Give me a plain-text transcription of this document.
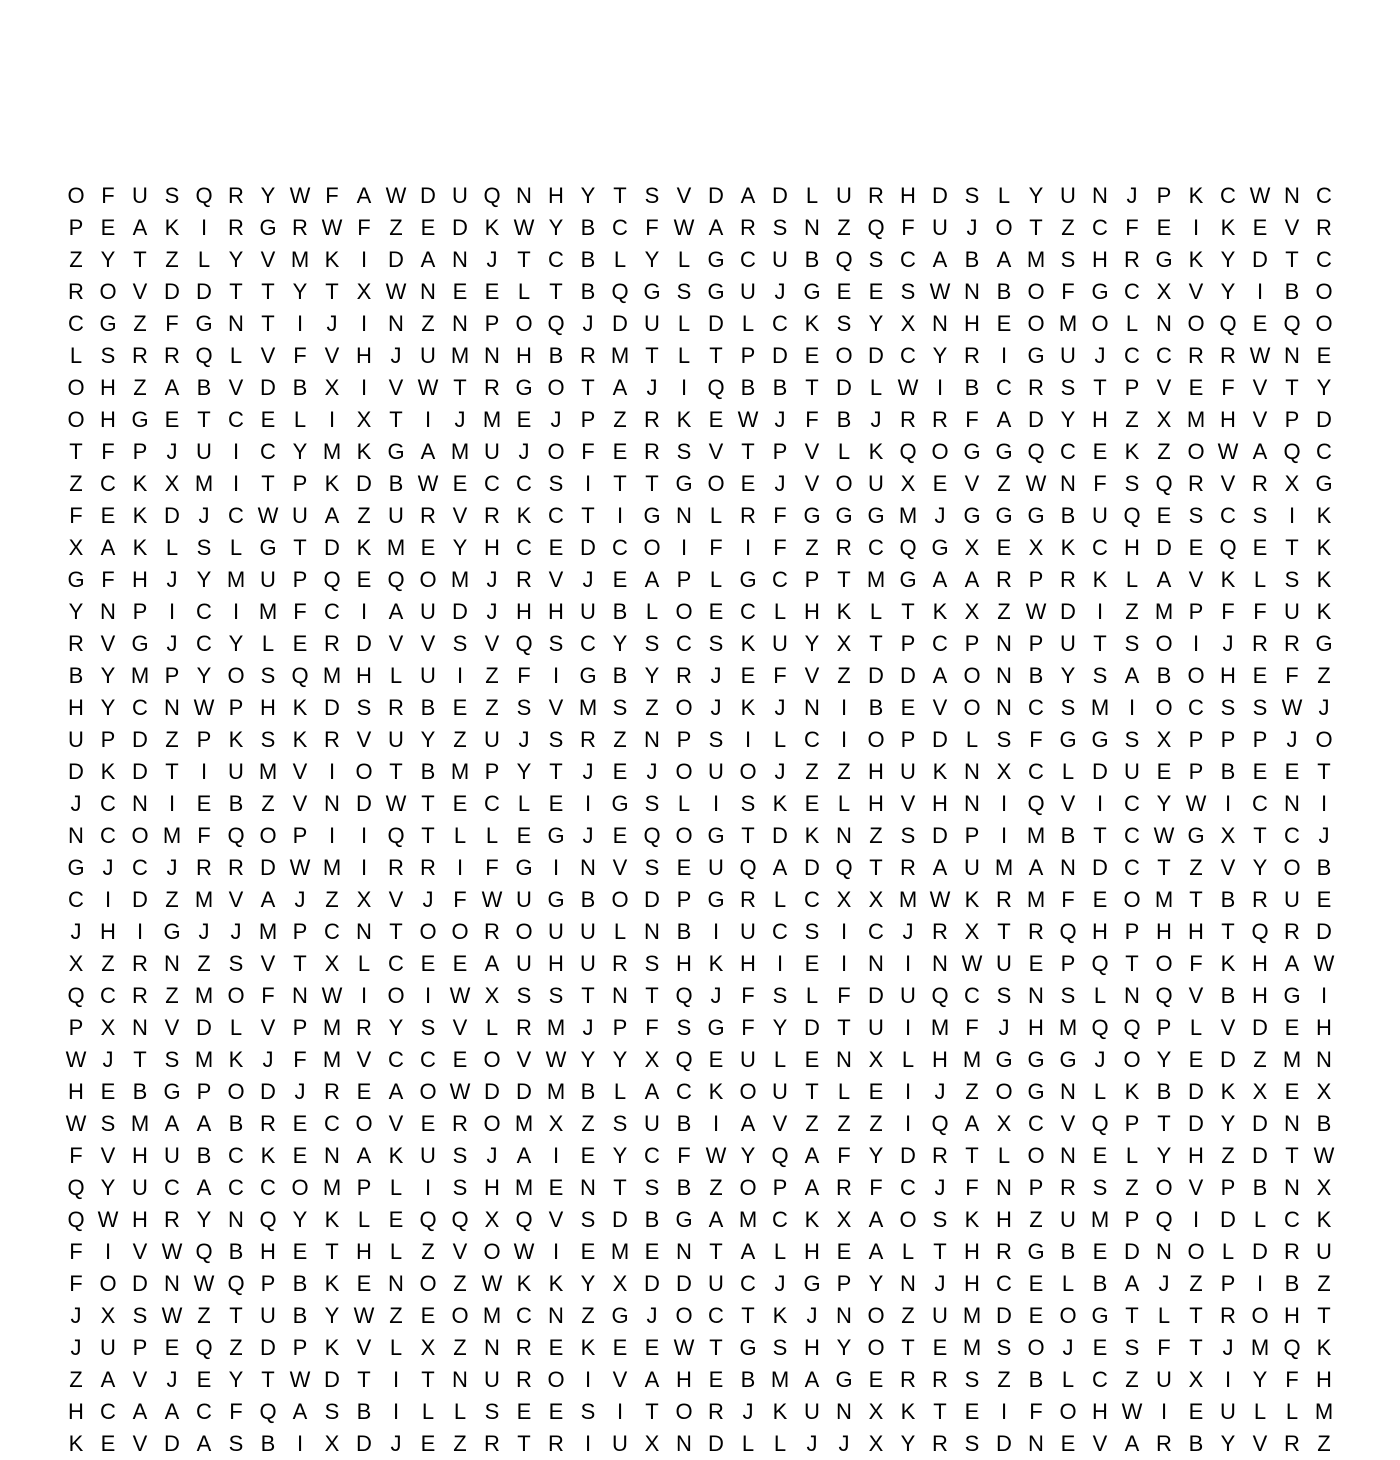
O F U S Q R Y W F A W D U Q N H Y T S V D A D L U R H D S L Y U N J P K C W N C
P E A K I R G R W F Z E D K W Y B C F W A R S N Z Q F U J O T Z C F E I K E V R
Z Y T Z L Y V M K I D A N J T C B L Y L G C U B Q S C A B A M S H R G K Y D T C
R O V D D T T Y T X W N E E L T B Q G S G U J G E E S W N B O F G C X V Y I B O
C G Z F G N T	I	J	I N Z N P O Q J D U L D L C K S Y X N H E O M O L N O Q E Q O
L S R R Q L V F V H J U M N H B R M T L T P D E O D C Y R I G U J C C R R W N E
O H Z A B V D B X I V W T R G O T A J	I Q B B T D L W I B C R S T P V E F V T Y
O H G E T C E L	I X T	I	J M E J P Z R K E W J F B J R R F A D Y H Z X M H V P D
T F P J U I C Y M K G A M U J O F E R S V T P V L K Q O G G Q C E K Z O W A Q C
Z C K X M I	T P K D B W E C C S I	T T G O E J V O U X E V Z W N F S Q R V R X G
F E K D J C W U A Z U R V R K C T	I G N L R F G G G M J G G G B U Q E S C S I K
X A K L S L G T D K M E Y H C E D C O I	F	I	F Z R C Q G X E X K C H D E Q E T K
G F H J Y M U P Q E Q O M J R V J E A P L G C P T M G A A R P R K L A V K L S K
Y N P I C I M F C I A U D J H H U B L O E C L H K L T K X Z W D I	Z M P F F U K
R V G J C Y L E R D V V S V Q S C Y S C S K U Y X T P C P N P U T S O I	J R R G
B Y M P Y O S Q M H L U I	Z F	I G B Y R J E F V Z D D A O N B Y S A B O H E F Z
H Y C N W P H K D S R B E Z S V M S Z O J K J N I B E V O N C S M I O C S S W J
U P D Z P K S K R V U Y Z U J S R Z N P S I	L C I O P D L S F G G S X P P P J O
D K D T	I U M V I O T B M P Y T J E J O U O J Z Z H U K N X C L D U E P B E E T
J C N I E B Z V N D W T E C L E I G S L	I S K E L H V H N I Q V I C Y W I C N I
N C O M F Q O P I	I Q T L L E G J E Q O G T D K N Z S D P I M B T C W G X T C J
G J C J R R D W M I R R I	F G I N V S E U Q A D Q T R A U M A N D C T Z V Y O B
C I D Z M V A J Z X V J F W U G B O D P G R L C X X M W K R M F E O M T B R U E
J H I G J J M P C N T O O R O U U L N B I U C S I C J R X T R Q H P H H T Q R D
X Z R N Z S V T X L C E E A U H U R S H K H I E I N I N W U E P Q T O F K H A W
Q C R Z M O F N W I O I W X S S T N T Q J F S L F D U Q C S N S L N Q V B H G I
P X N V D L V P M R Y S V L R M J P F S G F Y D T U I M F J H M Q Q P L V D E H
W J T S M K J F M V C C E O V W Y Y X Q E U L E N X L H M G G G J O Y E D Z M N
H E B G P O D J R E A O W D D M B L A C K O U T L E I	J Z O G N L K B D K X E X
W S M A A B R E C O V E R O M X Z S U B I A V Z Z Z	I Q A X C V Q P T D Y D N B
F V H U B C K E N A K U S J A I E Y C F W Y Q A F Y D R T L O N E L Y H Z D T W
Q Y U C A C C O M P L	I S H M E N T S B Z O P A R F C J F N P R S Z O V P B N X
Q W H R Y N Q Y K L E Q Q X Q V S D B G A M C K X A O S K H Z U M P Q I D L C K
F	I V W Q B H E T H L Z V O W I E M E N T A L H E A L T H R G B E D N O L D R U
F O D N W Q P B K E N O Z W K K Y X D D U C J G P Y N J H C E L B A J Z P I B Z
J X S W Z T U B Y W Z E O M C N Z G J O C T K J N O Z U M D E O G T L T R O H T
J U P E Q Z D P K V L X Z N R E K E E W T G S H Y O T E M S O J E S F T J M Q K
Z A V J E Y T W D T	I	T N U R O I V A H E B M A G E R R S Z B L C Z U X I Y F H
H C A A C F Q A S B I	L L S E E S I	T O R J K U N X K T E I	F O H W I E U L L M
K E V D A S B I X D J E Z R T R I U X N D L L J J X Y R S D N E V A R B Y V R Z
